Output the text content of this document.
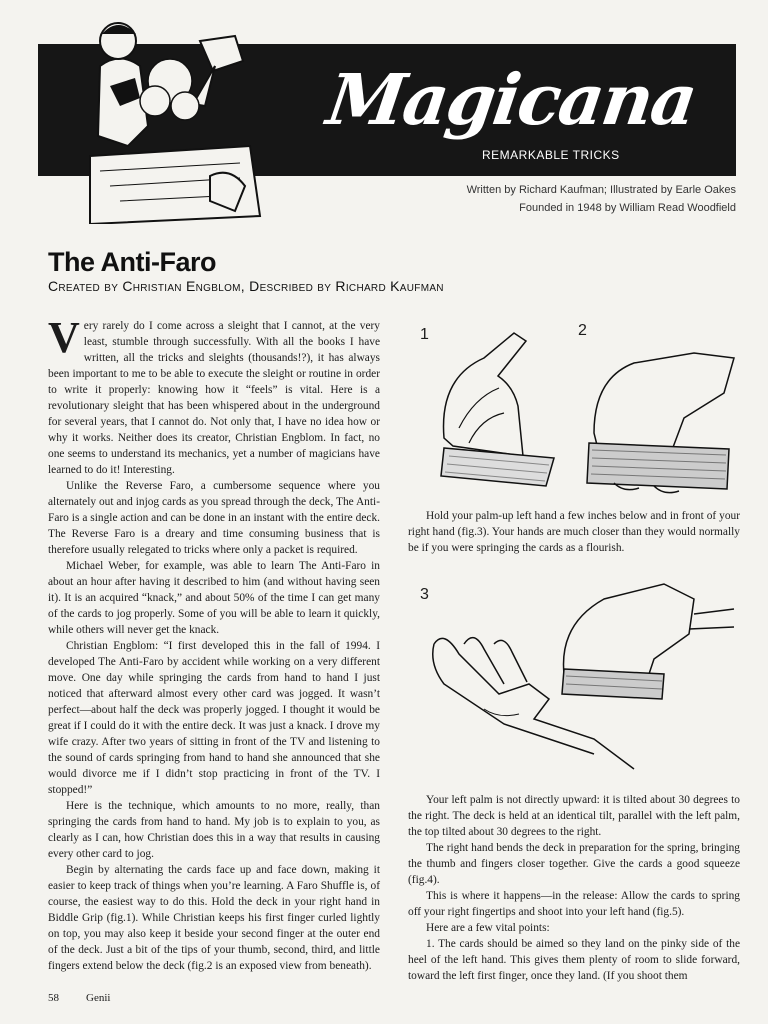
Magicana
REMARKABLE TRICKS
Written by Richard Kaufman; Illustrated by Earle Oakes
Founded in 1948 by William Read Woodfield
The Anti-Faro
Created by Christian Engblom, Described by Richard Kaufman

Very rarely do I come across a sleight that I cannot, at the very least, stumble through successfully. With all the books I have written, all the tricks and sleights (thousands!?), it has always been important to me to be able to execute the sleight or routine in order to write it properly: knowing how it “feels” is vital. Here is a revolutionary sleight that has been whispered about in the underground for several years, that I cannot do. Not only that, I have no idea how or why it works. Neither does its creator, Christian Engblom. In fact, no one seems to understand its mechanics, yet a number of magicians have learned to do it! Interesting.

Unlike the Reverse Faro, a cumbersome sequence where you alternately out and injog cards as you spread through the deck, The Anti-Faro is a single action and can be done in an instant with the entire deck. The Reverse Faro is a dreary and time consuming business that is therefore usually relegated to tricks where only a packet is required.

Michael Weber, for example, was able to learn The Anti-Faro in about an hour after having it described to him (and without having seen it). It is an acquired “knack,” and about 50% of the time I can get many of the cards to jog properly. Some of you will be able to learn it quickly, while others will never get the knack.

Christian Engblom: “I first developed this in the fall of 1994. I developed The Anti-Faro by accident while working on a very different move. One day while springing the cards from hand to hand I just noticed that afterward almost every other card was jogged. It wasn’t perfect—about half the deck was properly jogged. I thought it would be great if I could do it with the entire deck. It was just a knack. I drove my wife crazy. After two years of sitting in front of the TV and listening to the sound of cards springing from hand to hand she announced that she would divorce me if I didn’t stop practicing in front of the TV. I stopped!”

Here is the technique, which amounts to no more, really, than springing the cards from hand to hand. My job is to explain to you, as clearly as I can, how Christian does this in a way that results in causing every other card to jog.

Begin by alternating the cards face up and face down, making it easier to keep track of things when you’re learning. A Faro Shuffle is, of course, the easiest way to do this. Hold the deck in your right hand in Biddle Grip (fig.1). While Christian keeps his first finger curled lightly on top, you may also keep it beside your second finger at the outer end of the deck. Just a bit of the tips of your thumb, second, third, and little fingers extend below the deck (fig.2 is an exposed view from beneath).

1	2

Hold your palm-up left hand a few inches below and in front of your right hand (fig.3). Your hands are much closer than they would normally be if you were springing the cards as a flourish.

3

Your left palm is not directly upward: it is tilted about 30 degrees to the right. The deck is held at an identical tilt, parallel with the left palm, the top tilted about 30 degrees to the right.

The right hand bends the deck in preparation for the spring, bringing the thumb and fingers closer together. Give the cards a good squeeze (fig.4).

This is where it happens—in the release: Allow the cards to spring off your right fingertips and shoot into your left hand (fig.5).

Here are a few vital points:

1. The cards should be aimed so they land on the pinky side of the heel of the left hand. This gives them plenty of room to slide forward, toward the left first finger, once they land. (If you shoot them

58 Genii
